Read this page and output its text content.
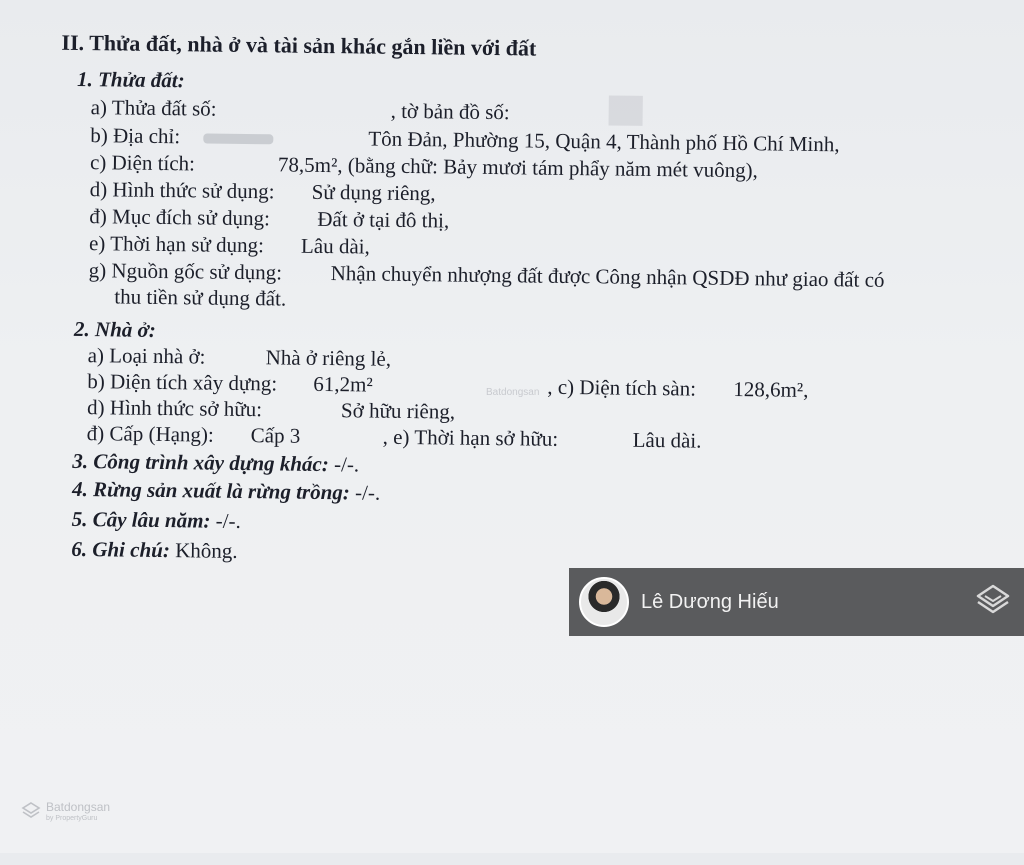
II. Thửa đất, nhà ở và tài sản khác gắn liền với đất
1. Thửa đất:
a) Thửa đất số:	, tờ bản đồ số:
b) Địa chỉ:	Tôn Đản, Phường 15, Quận 4, Thành phố Hồ Chí Minh,
c) Diện tích:	78,5m², (bằng chữ: Bảy mươi tám phẩy năm mét vuông),
d) Hình thức sử dụng: Sử dụng riêng,
đ) Mục đích sử dụng: Đất ở tại đô thị,
e) Thời hạn sử dụng: Lâu dài,
g) Nguồn gốc sử dụng: Nhận chuyển nhượng đất được Công nhận QSDĐ như giao đất có
thu tiền sử dụng đất.
2. Nhà ở:
a) Loại nhà ở:	Nhà ở riêng lẻ,
b) Diện tích xây dựng: 61,2m²	, c) Diện tích sàn: 128,6m²,
d) Hình thức sở hữu:	Sở hữu riêng,
đ) Cấp (Hạng): Cấp 3	, e) Thời hạn sở hữu:	Lâu dài.
3. Công trình xây dựng khác: -/-.
4. Rừng sản xuất là rừng trồng: -/-.
5. Cây lâu năm: -/-.
6. Ghi chú: Không.
Batdongsan
Lê Dương Hiếu
Batdongsan
by PropertyGuru
